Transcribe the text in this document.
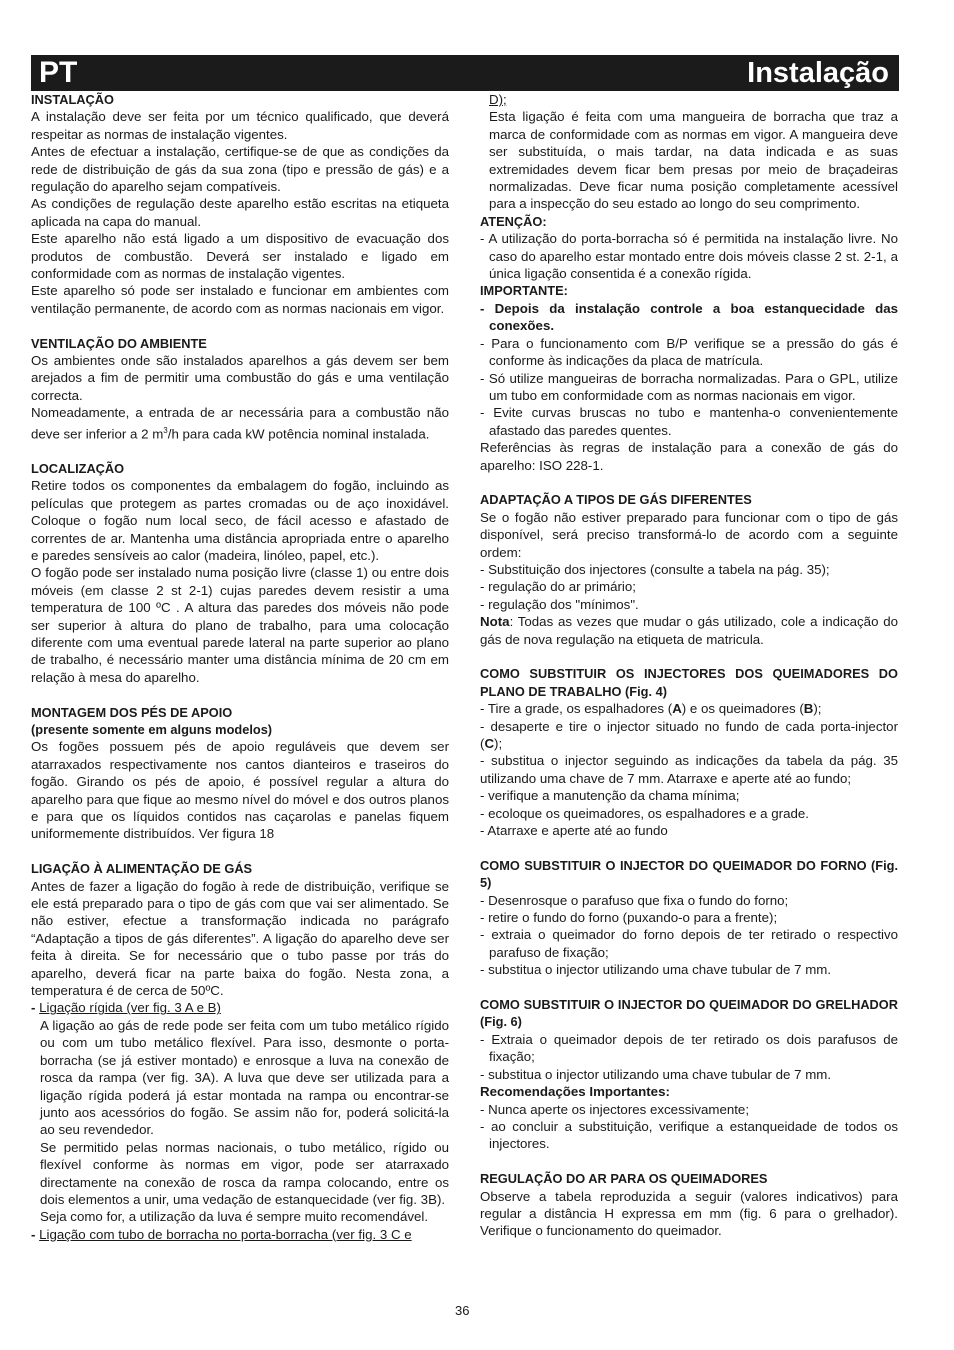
PT	Instalação

INSTALAÇÃO

A instalação deve ser feita por um técnico qualificado, que deverá respeitar as normas de instalação vigentes.

Antes de efectuar a instalação, certifique-se de que as condições da rede de distribuição de gás da sua zona (tipo e pressão de gás) e a regulação do aparelho sejam compatíveis.

As condições de regulação deste aparelho estão escritas na etiqueta aplicada na capa do manual.

Este aparelho não está ligado a um dispositivo de evacuação dos produtos de combustão. Deverá ser instalado e ligado em conformidade com as normas de instalação vigentes.

Este aparelho só pode ser instalado e funcionar em ambientes com ventilação permanente, de acordo com as normas nacionais em vigor.

VENTILAÇÃO DO AMBIENTE

Os ambientes onde são instalados aparelhos a gás devem ser bem arejados a fim de permitir uma combustão do gás e uma ventilação correcta.

Nomeadamente, a entrada de ar necessária para a combustão não deve ser inferior a 2 $m^3/h$ para cada kW potência nominal instalada.

LOCALIZAÇÃO

Retire todos os componentes da embalagem do fogão, incluindo as películas que protegem as partes cromadas ou de aço inoxidável. Coloque o fogão num local seco, de fácil acesso e afastado de correntes de ar. Mantenha uma distância apropriada entre o aparelho e paredes sensíveis ao calor (madeira, linóleo, papel, etc.).

O fogão pode ser instalado numa posição livre (classe 1) ou entre dois móveis (em classe 2 st 2-1) cujas paredes devem resistir a uma temperatura de 100 ºC . A altura das paredes dos móveis não pode ser superior à altura do plano de trabalho, para uma colocação diferente com uma eventual parede lateral na parte superior ao plano de trabalho, é necessário manter uma distância mínima de 20 cm em relação à mesa do aparelho.

MONTAGEM DOS PÉS DE APOIO

(presente somente em alguns modelos)

Os fogões possuem pés de apoio reguláveis que devem ser atarraxados respectivamente nos cantos dianteiros e traseiros do fogão. Girando os pés de apoio, é possível regular a altura do aparelho para que fique ao mesmo nível do móvel e dos outros planos e para que os líquidos contidos nas caçarolas e panelas fiquem uniformemente distribuídos. Ver figura 18

LIGAÇÃO À ALIMENTAÇÃO DE GÁS

Antes de fazer a ligação do fogão à rede de distribuição, verifique se ele está preparado para o tipo de gás com que vai ser alimentado. Se não estiver, efectue a transformação indicada no parágrafo “Adaptação a tipos de gás diferentes”. A ligação do aparelho deve ser feita à direita. Se for necessário que o tubo passe por trás do aparelho, deverá ficar na parte baixa do fogão. Nesta zona, a temperatura é de cerca de 50ºC.

- Ligação rígida (ver fig. 3 A e B)

A ligação ao gás de rede pode ser feita com um tubo metálico rígido ou com um tubo metálico flexível. Para isso, desmonte o porta-borracha (se já estiver montado) e enrosque a luva na conexão de rosca da rampa (ver fig. 3A). A luva que deve ser utilizada para a ligação rígida poderá já estar montada na rampa ou encontrar-se junto aos acessórios do fogão. Se assim não for, poderá solicitá-la ao seu revendedor.

Se permitido pelas normas nacionais, o tubo metálico, rígido ou flexível conforme às normas em vigor, pode ser atarraxado directamente na conexão de rosca da rampa colocando, entre os dois elementos a unir, uma vedação de estanquecidade (ver fig. 3B).

Seja como for, a utilização da luva é sempre muito recomendável.

- Ligação com tubo de borracha no porta-borracha (ver fig. 3 C e

D);

Esta ligação é feita com uma mangueira de borracha que traz a marca de conformidade com as normas em vigor. A mangueira deve ser substituída, o mais tardar, na data indicada e as suas extremidades devem ficar bem presas por meio de braçadeiras normalizadas. Deve ficar numa posição completamente acessível para a inspecção do seu estado ao longo do seu comprimento.

ATENÇÃO:

- A utilização do porta-borracha só é permitida na instalação livre. No caso do aparelho estar montado entre dois móveis classe 2 st. 2-1, a única ligação consentida é a conexão rígida.

IMPORTANTE:

- Depois da instalação controle a boa estanquecidade das conexões.

- Para o funcionamento com B/P verifique se a pressão do gás é conforme às indicações da placa de matrícula.

- Só utilize mangueiras de borracha normalizadas. Para o GPL, utilize um tubo em conformidade com as normas nacionais em vigor.

- Evite curvas bruscas no tubo e mantenha-o convenientemente afastado das paredes quentes.

Referências às regras de instalação para a conexão de gás do aparelho: ISO 228-1.

ADAPTAÇÃO A TIPOS DE GÁS DIFERENTES

Se o fogão não estiver preparado para funcionar com o tipo de gás disponível, será preciso transformá-lo de acordo com a seguinte ordem:

- Substituição dos injectores (consulte a tabela na pág. 35);

- regulação do ar primário;

- regulação dos "mínimos".

Nota: Todas as vezes que mudar o gás utilizado, cole a indicação do gás de nova regulação na etiqueta de matricula.

COMO SUBSTITUIR OS INJECTORES DOS QUEIMADORES DO PLANO DE TRABALHO (Fig. 4)

- Tire a grade, os espalhadores (A) e os queimadores (B);

- desaperte e tire o injector situado no fundo de cada porta-injector (C);

- substitua o injector seguindo as indicações da tabela da pág. 35 utilizando uma chave de 7 mm. Atarraxe e aperte até ao fundo;

- verifique a manutenção da chama mínima;

- ecoloque os queimadores, os espalhadores e a grade.

- Atarraxe e aperte até ao fundo

COMO SUBSTITUIR O INJECTOR DO QUEIMADOR DO FORNO (Fig. 5)

- Desenrosque o parafuso que fixa o fundo do forno;

- retire o fundo do forno (puxando-o para a frente);

- extraia o queimador do forno depois de ter retirado o respectivo parafuso de fixação;

- substitua o injector utilizando uma chave tubular de 7 mm.

COMO SUBSTITUIR O INJECTOR DO QUEIMADOR DO GRELHADOR (Fig. 6)

- Extraia o queimador depois de ter retirado os dois parafusos de fixação;

- substitua o injector utilizando uma chave tubular de 7 mm.

Recomendações Importantes:

- Nunca aperte os injectores excessivamente;

- ao concluir a substituição, verifique a estanqueidade de todos os injectores.

REGULAÇÃO DO AR PARA OS QUEIMADORES

Observe a tabela reproduzida a seguir (valores indicativos) para regular a distância H expressa em mm (fig. 6 para o grelhador). Verifique o funcionamento do queimador.

36
